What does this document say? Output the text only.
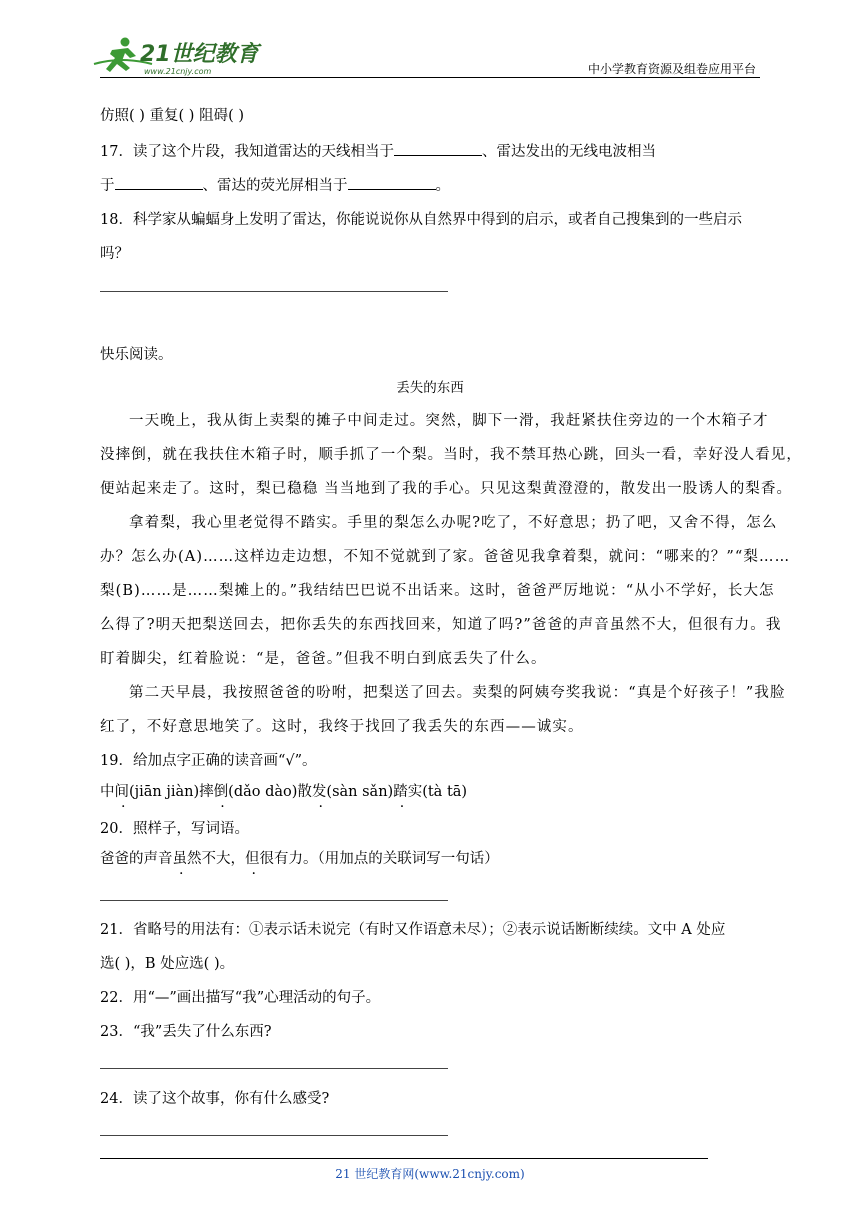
21世纪教育
www.21cnjy.com	中小学教育资源及组卷应用平台
仿照( ) 重复( ) 阻碍( )
17．读了这个片段，我知道雷达的天线相当于	、雷达发出的无线电波相当
于	、雷达的荧光屏相当于	。
18．科学家从蝙蝠身上发明了雷达，你能说说你从自然界中得到的启示，或者自己搜集到的一些启示
吗？
快乐阅读。
丢失的东西
一天晚上，我从街上卖梨的摊子中间走过。突然，脚下一滑，我赶紧扶住旁边的一个木箱子才
没摔倒，就在我扶住木箱子时，顺手抓了一个梨。当时，我不禁耳热心跳，回头一看，幸好没人看见，
便站起来走了。这时，梨已稳稳 当当地到了我的手心。只见这梨黄澄澄的，散发出一股诱人的梨香。
拿着梨，我心里老觉得不踏实。手里的梨怎么办呢?吃了，不好意思；扔了吧，又舍不得，怎么
办？怎么办(A)……这样边走边想，不知不觉就到了家。爸爸见我拿着梨，就问：“哪来的？”“梨……
梨(B)……是……梨摊上的。”我结结巴巴说不出话来。这时，爸爸严厉地说：“从小不学好，长大怎
么得了?明天把梨送回去，把你丢失的东西找回来，知道了吗?”爸爸的声音虽然不大，但很有力。我
盯着脚尖，红着脸说：“是，爸爸。”但我不明白到底丢失了什么。
第二天早晨，我按照爸爸的吩咐，把梨送了回去。卖梨的阿姨夸奖我说：“真是个好孩子！”我脸
红了，不好意思地笑了。这时，我终于找回了我丢失的东西——诚实。
19．给加点字正确的读音画“√”。
中间(jiān jiàn)摔倒(dǎo dào)散发(sàn sǎn)踏实(tà tā)
20．照样子，写词语。
爸爸的声音虽然不大，但很有力。（用加点的关联词写一句话）
21．省略号的用法有：①表示话未说完（有时又作语意未尽）；②表示说话断断续续。文中 A 处应
选( )，B 处应选( )。
22．用“—”画出描写“我”心理活动的句子。
23．“我”丢失了什么东西?
24．读了这个故事，你有什么感受?
21 世纪教育网(www.21cnjy.com)
